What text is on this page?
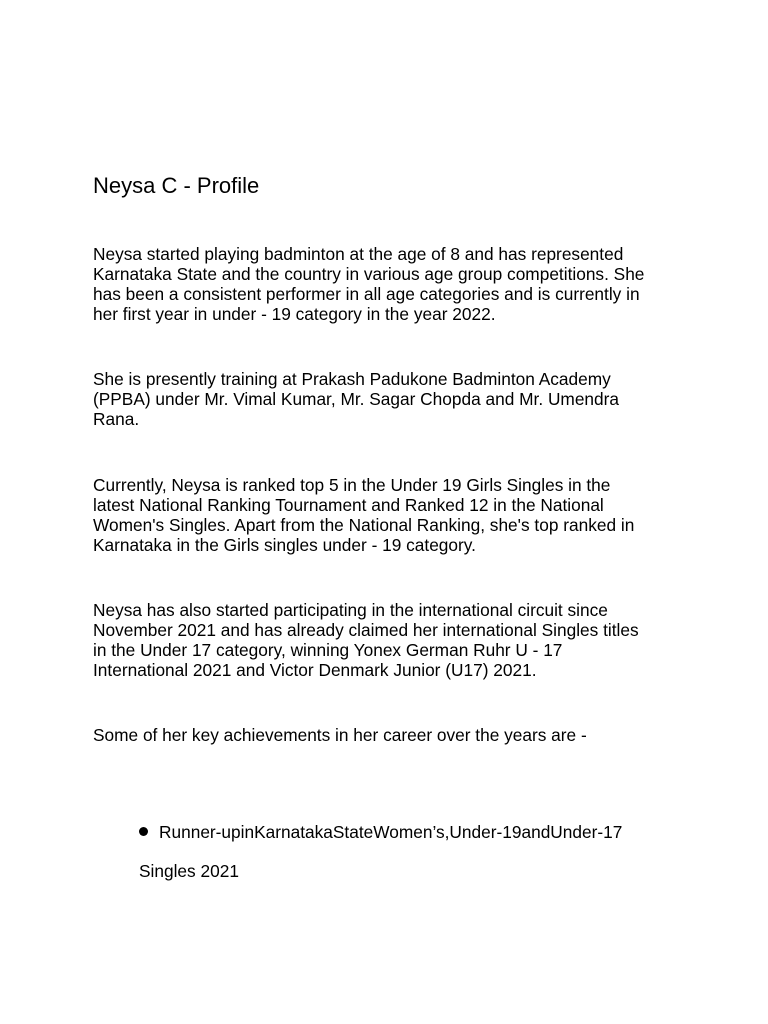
Neysa C - Profile
Neysa started playing badminton at the age of 8 and has represented
Karnataka State and the country in various age group competitions. She
has been a consistent performer in all age categories and is currently in
her first year in under - 19 category in the year 2022.
She is presently training at Prakash Padukone Badminton Academy
(PPBA) under Mr. Vimal Kumar, Mr. Sagar Chopda and Mr. Umendra
Rana.
Currently, Neysa is ranked top 5 in the Under 19 Girls Singles in the
latest National Ranking Tournament and Ranked 12 in the National
Women's Singles. Apart from the National Ranking, she's top ranked in
Karnataka in the Girls singles under - 19 category.
Neysa has also started participating in the international circuit since
November 2021 and has already claimed her international Singles titles
in the Under 17 category, winning Yonex German Ruhr U - 17
International 2021 and Victor Denmark Junior (U17) 2021.
Some of her key achievements in her career over the years are -
Runner-upinKarnatakaStateWomen’s,Under-19andUnder-17
Singles 2021
